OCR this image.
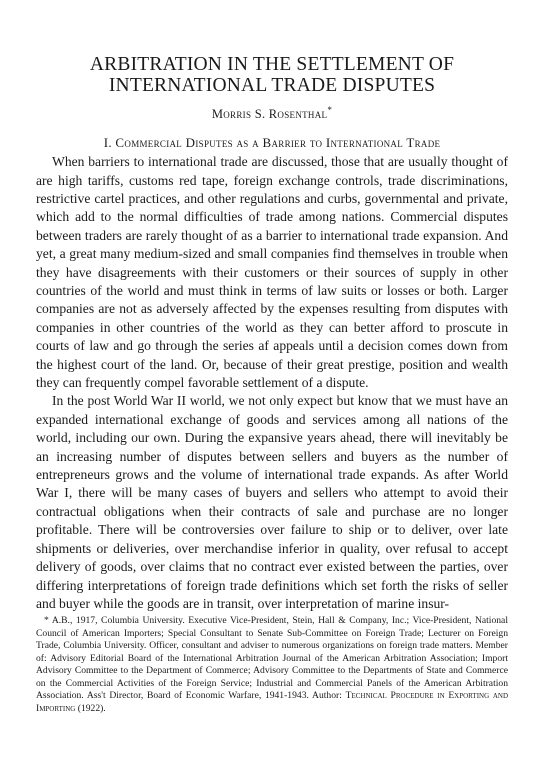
ARBITRATION IN THE SETTLEMENT OF
INTERNATIONAL TRADE DISPUTES
Morris S. Rosenthal*
I. Commercial Disputes as a Barrier to International Trade

When barriers to international trade are discussed, those that are usually thought of are high tariffs, customs red tape, foreign exchange controls, trade discriminations, restrictive cartel practices, and other regulations and curbs, governmental and private, which add to the normal difficulties of trade among nations. Commercial disputes between traders are rarely thought of as a barrier to international trade expansion. And yet, a great many medium-sized and small companies find themselves in trouble when they have disagreements with their customers or their sources of supply in other countries of the world and must think in terms of law suits or losses or both. Larger companies are not as adversely affected by the expenses resulting from disputes with companies in other countries of the world as they can better afford to proscute in courts of law and go through the series af appeals until a decision comes down from the highest court of the land. Or, because of their great prestige, position and wealth they can frequently compel favorable settlement of a dispute.

In the post World War II world, we not only expect but know that we must have an expanded international exchange of goods and services among all nations of the world, including our own. During the expansive years ahead, there will inevitably be an increasing number of disputes between sellers and buyers as the number of entrepreneurs grows and the volume of international trade expands. As after World War I, there will be many cases of buyers and sellers who attempt to avoid their contractual obligations when their contracts of sale and purchase are no longer profitable. There will be controversies over failure to ship or to deliver, over late shipments or deliveries, over merchandise inferior in quality, over refusal to accept delivery of goods, over claims that no contract ever existed between the parties, over differing interpretations of foreign trade definitions which set forth the risks of seller and buyer while the goods are in transit, over interpretation of marine insur-

* A.B., 1917, Columbia University. Executive Vice-President, Stein, Hall & Company, Inc.; Vice-President, National Council of American Importers; Special Consultant to Senate Sub-Committee on Foreign Trade; Lecturer on Foreign Trade, Columbia University. Officer, consultant and adviser to numerous organizations on foreign trade matters. Member of: Advisory Editorial Board of the International Arbitration Journal of the American Arbitration Association; Import Advisory Committee to the Department of Commerce; Advisory Committee to the Departments of State and Commerce on the Commercial Activities of the Foreign Service; Industrial and Commercial Panels of the American Arbitration Association. Ass't Director, Board of Economic Warfare, 1941-1943. Author: Technical Procedure in Exporting and Importing (1922).
